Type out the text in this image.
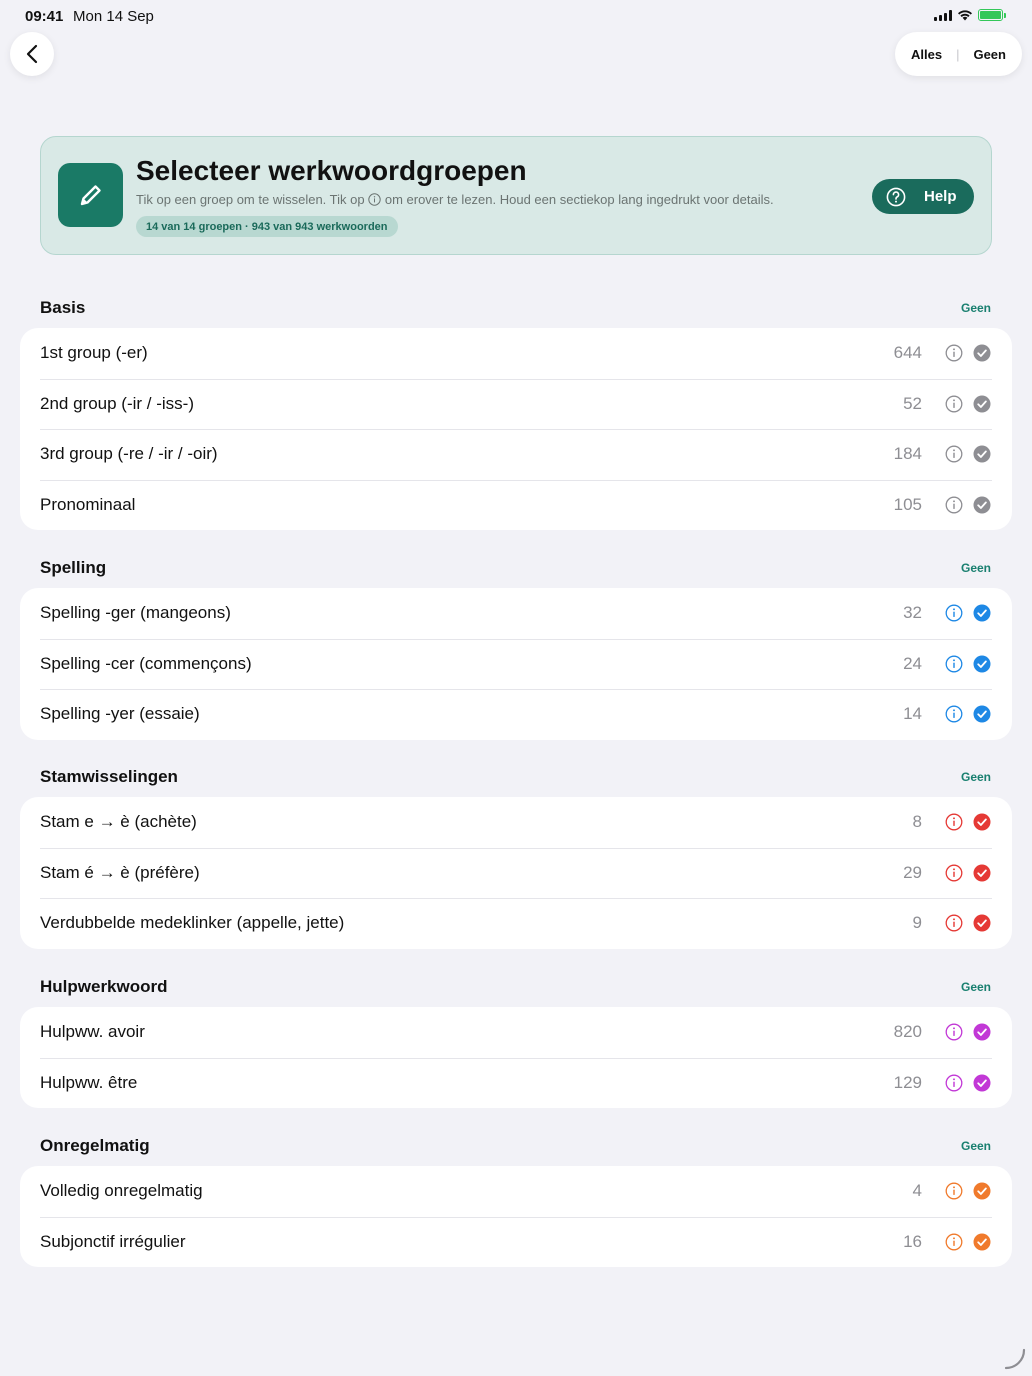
09:41 Mon 14 Sep
Alles | Geen
Selecteer werkwoordgroepen
Tik op een groep om te wisselen. Tik op om erover te lezen. Houd een sectiekop lang ingedrukt voor details.
14 van 14 groepen · 943 van 943 werkwoorden
Help
Basis	Geen
1st group (-er)	644
2nd group (-ir / -iss-)	52
3rd group (-re / -ir / -oir)	184
Pronominaal	105
Spelling	Geen
Spelling -ger (mangeons)	32
Spelling -cer (commençons)	24
Spelling -yer (essaie)	14
Stamwisselingen	Geen
Stam e → è (achète)	8
Stam é → è (préfère)	29
Verdubbelde medeklinker (appelle, jette)	9
Hulpwerkwoord	Geen
Hulpww. avoir	820
Hulpww. être	129
Onregelmatig	Geen
Volledig onregelmatig	4
Subjonctif irrégulier	16
